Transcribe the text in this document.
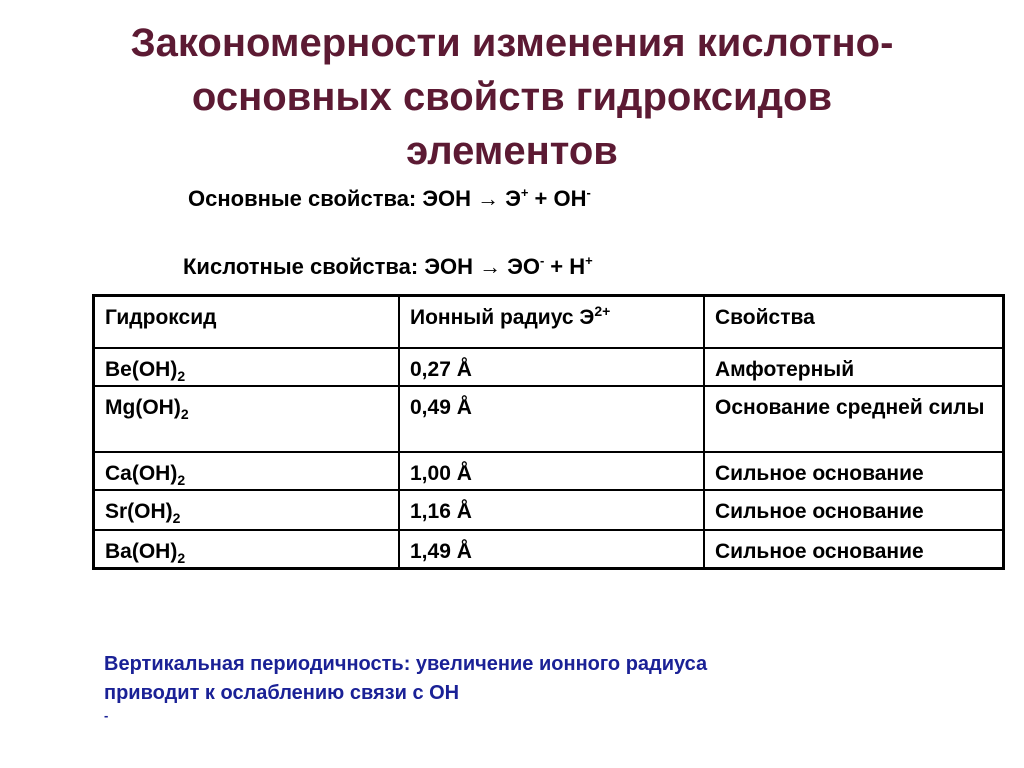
Закономерности изменения кислотно-
основных свойств гидроксидов
элементов
Основные свойства: ЭОН → Э+ + ОН-
Кислотные свойства: ЭОН → ЭО- + Н+
Гидроксид	Ионный радиус $Э^{2+}$	Свойства
$Be(OH)_2$	0,27 Å	Амфотерный
$Mg(OH)_2$	0,49 Å	Основание средней силы
$Ca(OH)_2$	1,00 Å	Сильное основание
$Sr(OH)_2$	1,16 Å	Сильное основание
$Ba(OH)_2$	1,49 Å	Сильное основание
Вертикальная периодичность: увеличение ионного радиуса
приводит к ослаблению связи с ОН
-
